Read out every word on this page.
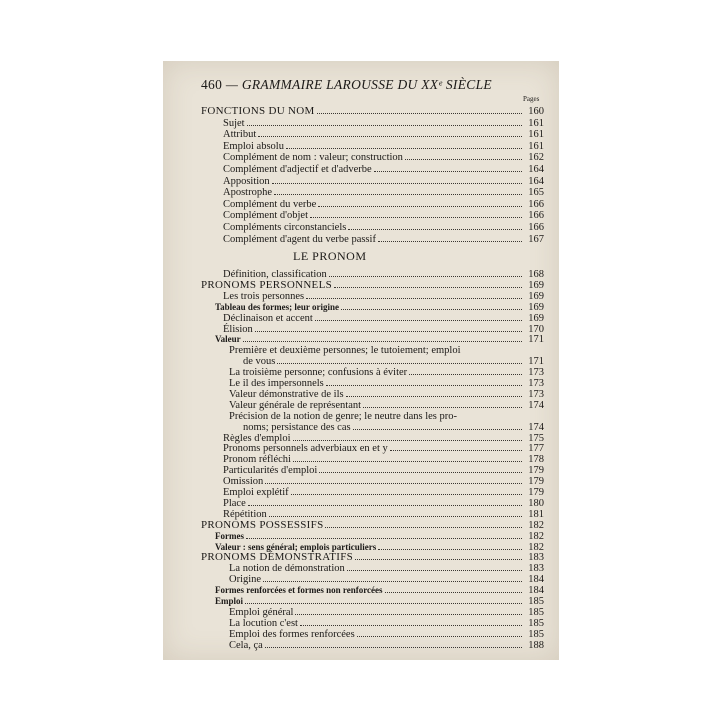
460 — GRAMMAIRE LAROUSSE DU XXᵉ SIÈCLE
Pages
LE PRONOM
FONCTIONS DU NOM	160
Sujet	161
Attribut	161
Emploi absolu	161
Complément de nom : valeur; construction	162
Complément d'adjectif et d'adverbe	164
Apposition	164
Apostrophe	165
Complément du verbe	166
Complément d'objet	166
Compléments circonstanciels	166
Complément d'agent du verbe passif	167
Définition, classification	168
PRONOMS PERSONNELS	169
Les trois personnes	169
Tableau des formes; leur origine	169
Déclinaison et accent	169
Élision	170
Valeur	171
Première et deuxième personnes; le tutoiement; emploi
de vous	171
La troisième personne; confusions à éviter	173
Le il des impersonnels	173
Valeur démonstrative de ils	173
Valeur générale de représentant	174
Précision de la notion de genre; le neutre dans les pro-
noms; persistance des cas	174
Règles d'emploi	175
Pronoms personnels adverbiaux en et y	177
Pronom réfléchi	178
Particularités d'emploi	179
Omission	179
Emploi explétif	179
Place	180
Répétition	181
PRONOMS POSSESSIFS	182
Formes	182
Valeur : sens général; emplois particuliers	182
PRONOMS DÉMONSTRATIFS	183
La notion de démonstration	183
Origine	184
Formes renforcées et formes non renforcées	184
Emploi	185
Emploi général	185
La locution c'est	185
Emploi des formes renforcées	185
Cela, ça	188
